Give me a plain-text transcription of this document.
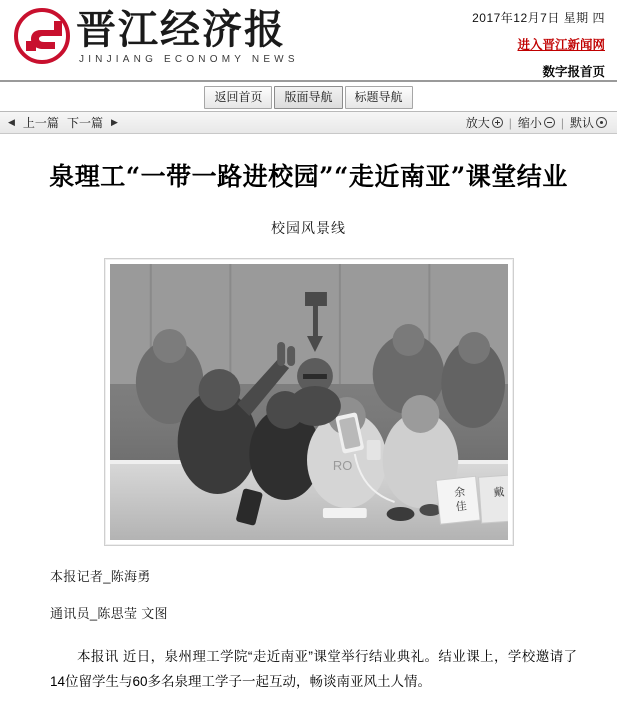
晋江经济报
JINJIANG ECONOMY NEWS
2017年12月7日 星期 四
进入晋江新闻网
数字报首页
返回首页	版面导航	标题导航
◀ 上一篇 下一篇 ▶	放大 | 缩小 | 默认
泉理工“一带一路进校园”“走近南亚”课堂结业
校园风景线
RO
余
佳
戴
本报记者_陈海勇
通讯员_陈思莹 文图

本报讯 近日，泉州理工学院“走近南亚”课堂举行结业典礼。结业课上，学校邀请了14位留学生与60多名泉理工学子一起互动，畅谈南亚风土人情。
